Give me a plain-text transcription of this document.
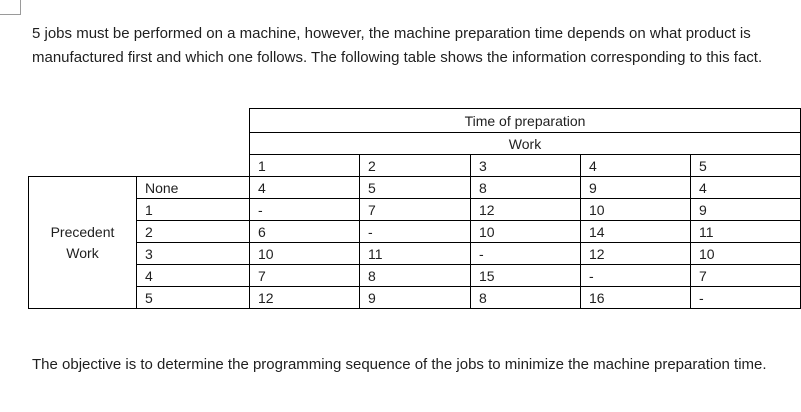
5 jobs must be performed on a machine, however, the machine preparation time depends on what product is manufactured first and which one follows. The following table shows the information corresponding to this fact.

		Time of preparation				
		Work				
		1	2	3	4	5
Precedent
Work	None	4	5	8	9	4
	1	-	7	12	10	9
	2	6	-	10	14	11
	3	10	11	-	12	10
	4	7	8	15	-	7
	5	12	9	8	16	-

The objective is to determine the programming sequence of the jobs to minimize the machine preparation time.
